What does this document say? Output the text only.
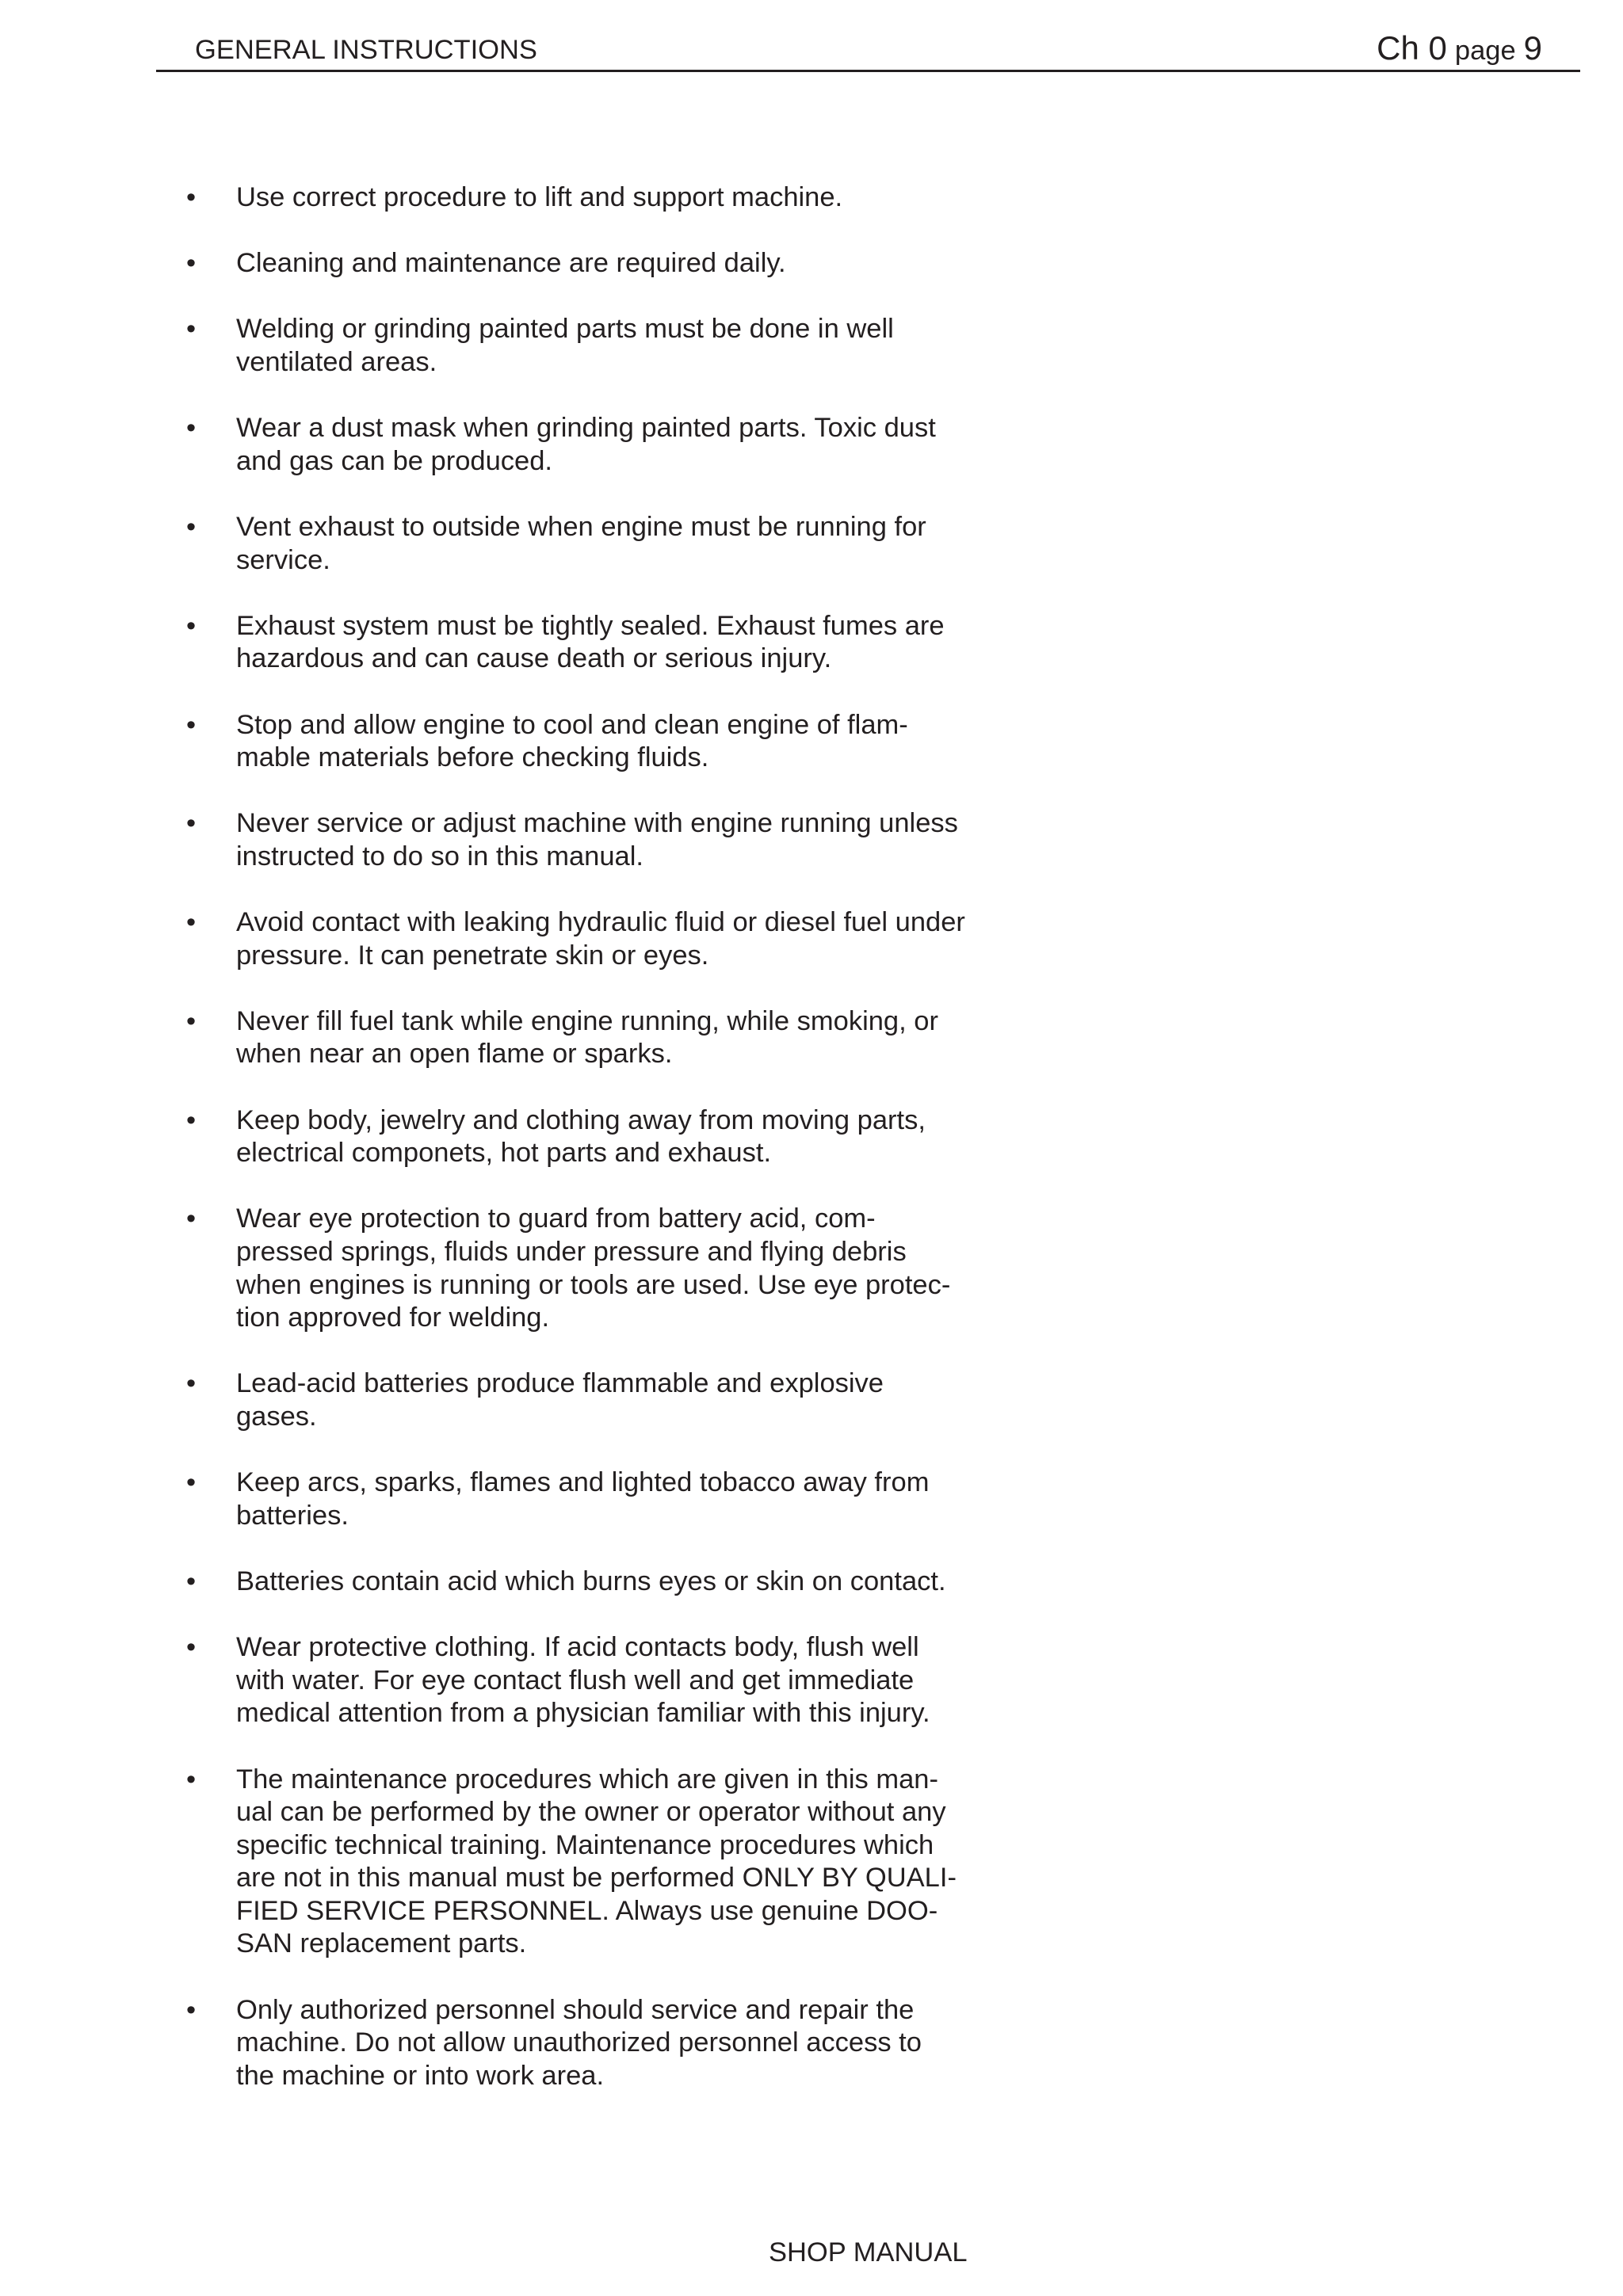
GENERAL INSTRUCTIONS	Ch 0 page 9
• Use correct procedure to lift and support machine.
• Cleaning and maintenance are required daily.
• Welding or grinding painted parts must be done in well
ventilated areas.
• Wear a dust mask when grinding painted parts. Toxic dust
and gas can be produced.
• Vent exhaust to outside when engine must be running for
service.
• Exhaust system must be tightly sealed. Exhaust fumes are
hazardous and can cause death or serious injury.
• Stop and allow engine to cool and clean engine of flam-
mable materials before checking fluids.
• Never service or adjust machine with engine running unless
instructed to do so in this manual.
• Avoid contact with leaking hydraulic fluid or diesel fuel under
pressure. It can penetrate skin or eyes.
• Never fill fuel tank while engine running, while smoking, or
when near an open flame or sparks.
• Keep body, jewelry and clothing away from moving parts,
electrical componets, hot parts and exhaust.
• Wear eye protection to guard from battery acid, com-
pressed springs, fluids under pressure and flying debris
when engines is running or tools are used. Use eye protec-
tion approved for welding.
• Lead-acid batteries produce flammable and explosive
gases.
• Keep arcs, sparks, flames and lighted tobacco away from
batteries.
• Batteries contain acid which burns eyes or skin on contact.
• Wear protective clothing. If acid contacts body, flush well
with water. For eye contact flush well and get immediate
medical attention from a physician familiar with this injury.
• The maintenance procedures which are given in this man-
ual can be performed by the owner or operator without any
specific technical training. Maintenance procedures which
are not in this manual must be performed ONLY BY QUALI-
FIED SERVICE PERSONNEL. Always use genuine DOO-
SAN replacement parts.
• Only authorized personnel should service and repair the
machine. Do not allow unauthorized personnel access to
the machine or into work area.
SHOP MANUAL
